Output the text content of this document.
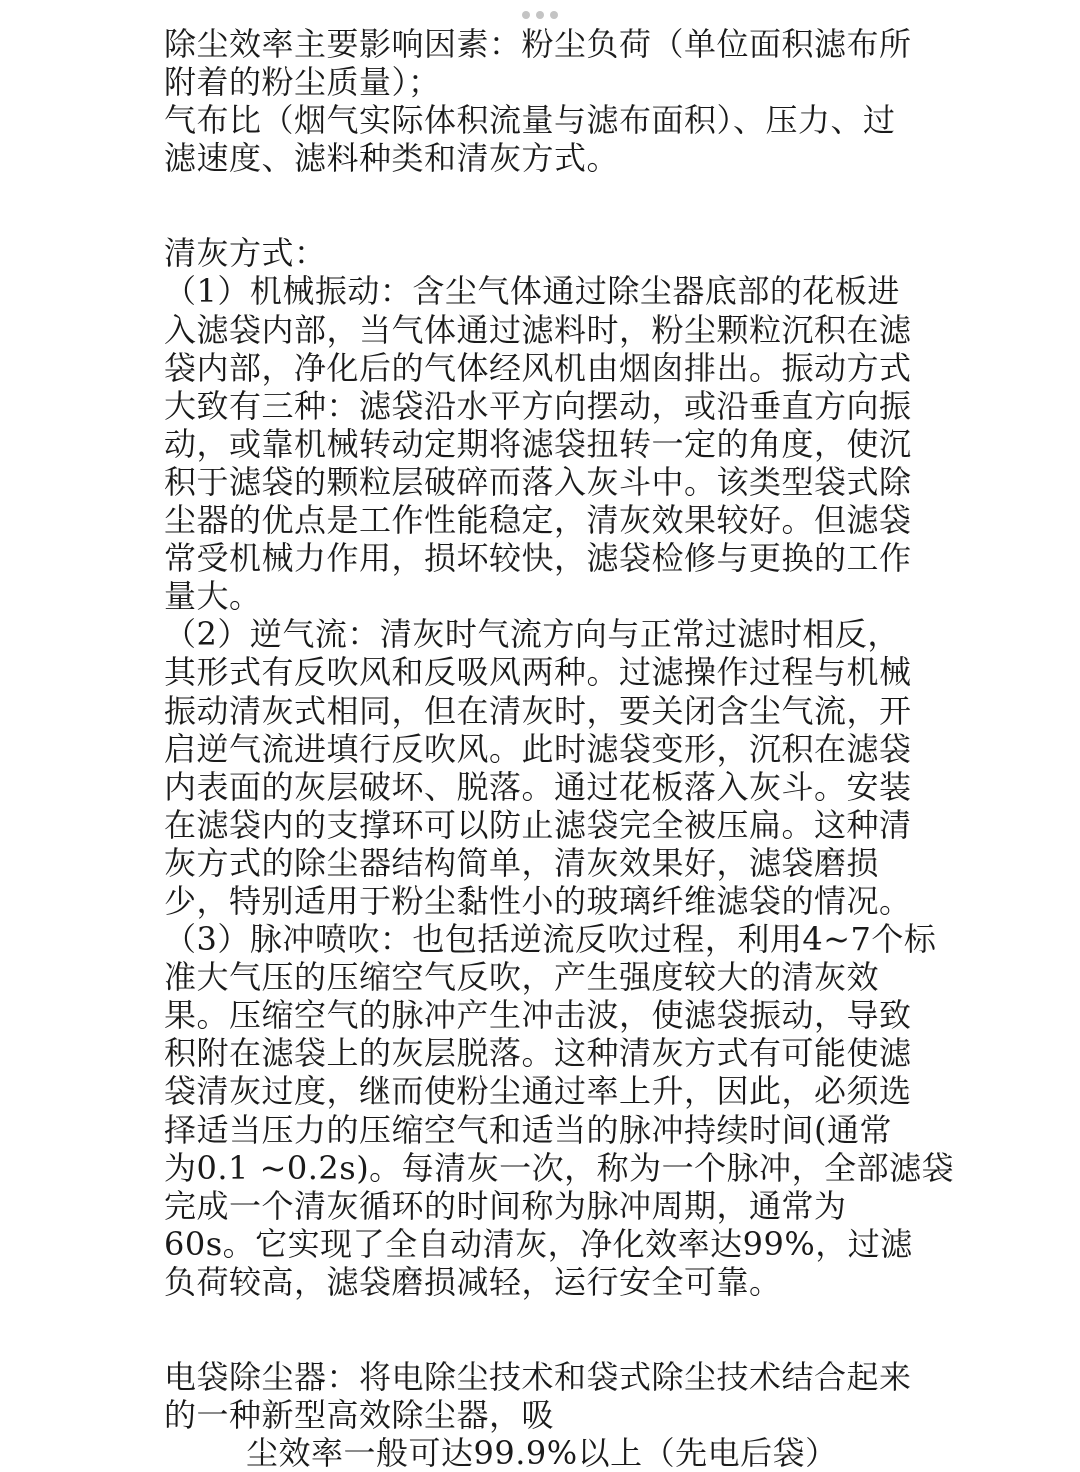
除尘效率主要影响因素：粉尘负荷（单位面积滤布所
附着的粉尘质量）；
气布比（烟气实际体积流量与滤布面积）、压力、过
滤速度、滤料种类和清灰方式。
清灰方式：
（1）机械振动：含尘气体通过除尘器底部的花板进
入滤袋内部，当气体通过滤料时，粉尘颗粒沉积在滤
袋内部，净化后的气体经风机由烟囱排出。振动方式
大致有三种：滤袋沿水平方向摆动，或沿垂直方向振
动，或靠机械转动定期将滤袋扭转一定的角度，使沉
积于滤袋的颗粒层破碎而落入灰斗中。该类型袋式除
尘器的优点是工作性能稳定，清灰效果较好。但滤袋
常受机械力作用，损坏较快，滤袋检修与更换的工作
量大。
（2）逆气流：清灰时气流方向与正常过滤时相反，
其形式有反吹风和反吸风两种。过滤操作过程与机械
振动清灰式相同，但在清灰时，要关闭含尘气流，开
启逆气流进填行反吹风。此时滤袋变形，沉积在滤袋
内表面的灰层破坏、脱落。通过花板落入灰斗。安装
在滤袋内的支撑环可以防止滤袋完全被压扁。这种清
灰方式的除尘器结构简单，清灰效果好，滤袋磨损
少，特别适用于粉尘黏性小的玻璃纤维滤袋的情况。
（3）脉冲喷吹：也包括逆流反吹过程，利用4~7个标
准大气压的压缩空气反吹，产生强度较大的清灰效
果。压缩空气的脉冲产生冲击波，使滤袋振动，导致
积附在滤袋上的灰层脱落。这种清灰方式有可能使滤
袋清灰过度，继而使粉尘通过率上升，因此，必须选
择适当压力的压缩空气和适当的脉冲持续时间(通常
为0.1 ~0.2s)。每清灰一次，称为一个脉冲，全部滤袋
完成一个清灰循环的时间称为脉冲周期，通常为
60s。它实现了全自动清灰，净化效率达99%，过滤
负荷较高，滤袋磨损减轻，运行安全可靠。
电袋除尘器：将电除尘技术和袋式除尘技术结合起来
的一种新型高效除尘器，吸
尘效率一般可达99.9%以上（先电后袋）
